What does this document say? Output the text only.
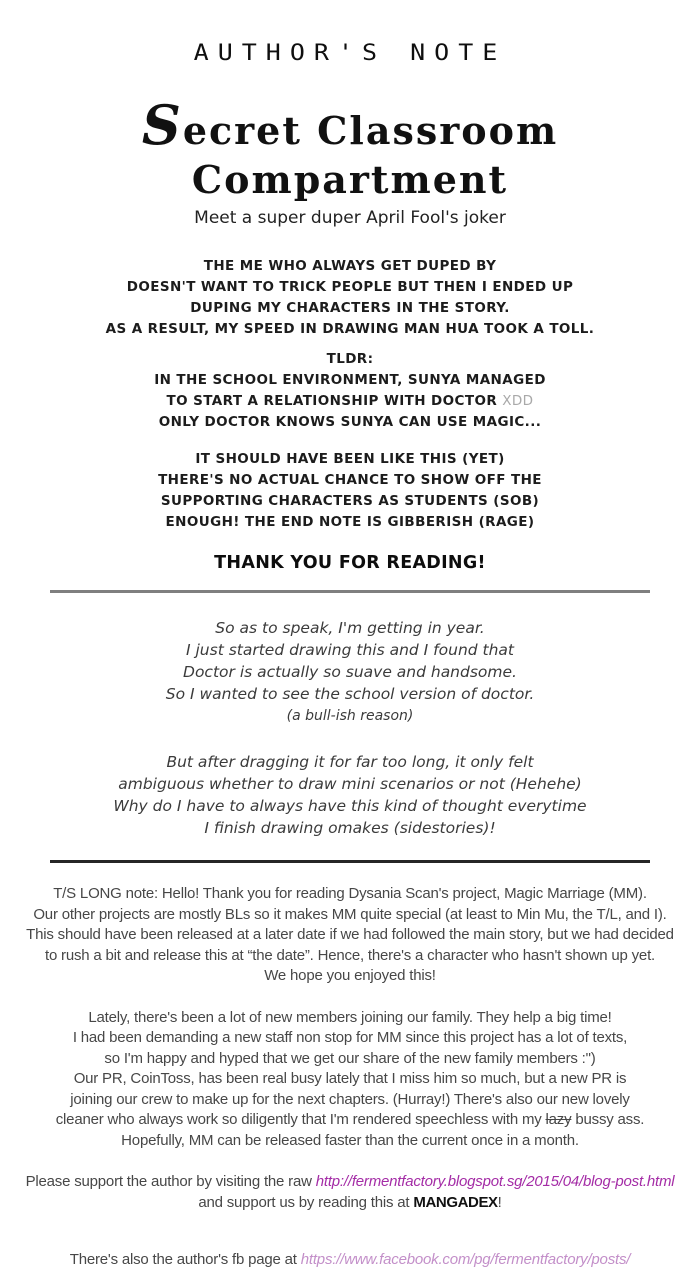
AUTHOR'S NOTE
Secret Classroom Compartment
Meet a super duper April Fool's joker
THE ME WHO ALWAYS GET DUPED BY
DOESN'T WANT TO TRICK PEOPLE BUT THEN I ENDED UP
DUPING MY CHARACTERS IN THE STORY.
AS A RESULT, MY SPEED IN DRAWING MAN HUA TOOK A TOLL.
TLDR:
IN THE SCHOOL ENVIRONMENT, SUNYA MANAGED
TO START A RELATIONSHIP WITH DOCTOR XDD
ONLY DOCTOR KNOWS SUNYA CAN USE MAGIC...
IT SHOULD HAVE BEEN LIKE THIS (YET)
THERE'S NO ACTUAL CHANCE TO SHOW OFF THE
SUPPORTING CHARACTERS AS STUDENTS (SOB)
ENOUGH! THE END NOTE IS GIBBERISH (RAGE)
THANK YOU FOR READING!
So as to speak, I'm getting in year.
I just started drawing this and I found that
Doctor is actually so suave and handsome.
So I wanted to see the school version of doctor.
(a bull-ish reason)
But after dragging it for far too long, it only felt
ambiguous whether to draw mini scenarios or not (Hehehe)
Why do I have to always have this kind of thought everytime
I finish drawing omakes (sidestories)!
T/S LONG note: Hello! Thank you for reading Dysania Scan's project, Magic Marriage (MM).
Our other projects are mostly BLs so it makes MM quite special (at least to Min Mu, the T/L, and I).
This should have been released at a later date if we had followed the main story, but we had decided
to rush a bit and release this at “the date”. Hence, there's a character who hasn't shown up yet.
We hope you enjoyed this!
Lately, there's been a lot of new members joining our family. They help a big time!
I had been demanding a new staff non stop for MM since this project has a lot of texts,
so I'm happy and hyped that we get our share of the new family members :")
Our PR, CoinToss, has been real busy lately that I miss him so much, but a new PR is
joining our crew to make up for the next chapters. (Hurray!) There's also our new lovely
cleaner who always work so diligently that I'm rendered speechless with my lazy bussy ass.
Hopefully, MM can be released faster than the current once in a month.
Please support the author by visiting the raw http://fermentfactory.blogspot.sg/2015/04/blog-post.html
and support us by reading this at MANGADEX!
There's also the author's fb page at https://www.facebook.com/pg/fermentfactory/posts/
